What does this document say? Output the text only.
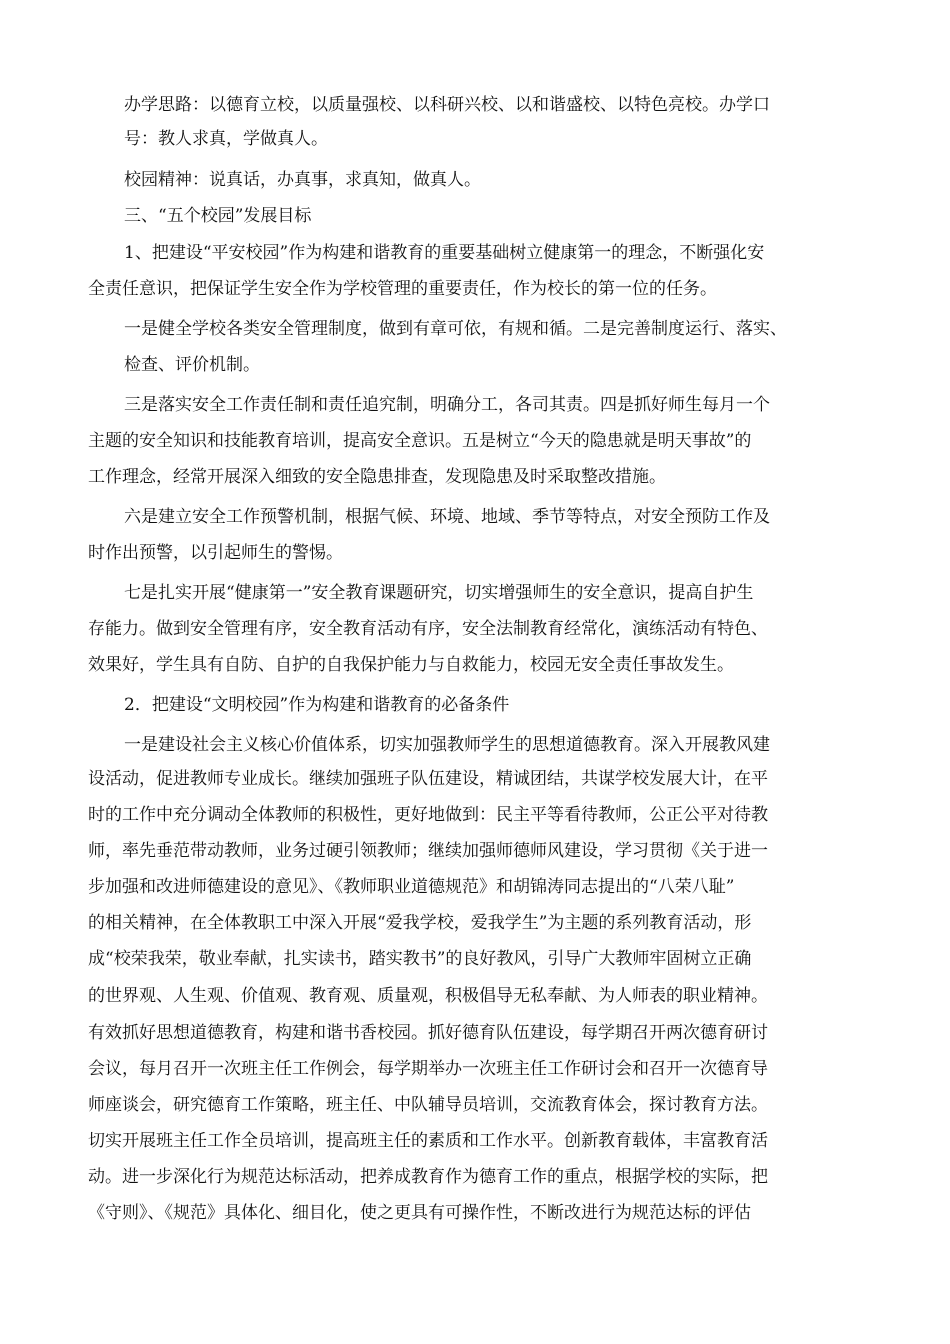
办学思路：以德育立校，以质量强校、以科研兴校、以和谐盛校、以特色亮校。办学口
号：教人求真，学做真人。
校园精神：说真话，办真事，求真知，做真人。
三、“五个校园”发展目标
1、把建设“平安校园”作为构建和谐教育的重要基础树立健康第一的理念，不断强化安
全责任意识，把保证学生安全作为学校管理的重要责任，作为校长的第一位的任务。
一是健全学校各类安全管理制度，做到有章可依，有规和循。二是完善制度运行、落实、
检查、评价机制。
三是落实安全工作责任制和责任追究制，明确分工，各司其责。四是抓好师生每月一个
主题的安全知识和技能教育培训，提高安全意识。五是树立“今天的隐患就是明天事故”的
工作理念，经常开展深入细致的安全隐患排查，发现隐患及时采取整改措施。
六是建立安全工作预警机制，根据气候、环境、地域、季节等特点，对安全预防工作及
时作出预警，以引起师生的警惕。
七是扎实开展“健康第一”安全教育课题研究，切实增强师生的安全意识，提高自护生
存能力。做到安全管理有序，安全教育活动有序，安全法制教育经常化，演练活动有特色、
效果好，学生具有自防、自护的自我保护能力与自救能力，校园无安全责任事故发生。
2．把建设“文明校园”作为构建和谐教育的必备条件
一是建设社会主义核心价值体系，切实加强教师学生的思想道德教育。深入开展教风建
设活动，促进教师专业成长。继续加强班子队伍建设，精诚团结，共谋学校发展大计，在平
时的工作中充分调动全体教师的积极性，更好地做到：民主平等看待教师，公正公平对待教
师，率先垂范带动教师，业务过硬引领教师；继续加强师德师风建设，学习贯彻《关于进一
步加强和改进师德建设的意见》、《教师职业道德规范》和胡锦涛同志提出的“八荣八耻”
的相关精神，在全体教职工中深入开展“爱我学校，爱我学生”为主题的系列教育活动，形
成“校荣我荣，敬业奉献，扎实读书，踏实教书”的良好教风，引导广大教师牢固树立正确
的世界观、人生观、价值观、教育观、质量观，积极倡导无私奉献、为人师表的职业精神。
有效抓好思想道德教育，构建和谐书香校园。抓好德育队伍建设，每学期召开两次德育研讨
会议，每月召开一次班主任工作例会，每学期举办一次班主任工作研讨会和召开一次德育导
师座谈会，研究德育工作策略，班主任、中队辅导员培训，交流教育体会，探讨教育方法。
切实开展班主任工作全员培训，提高班主任的素质和工作水平。创新教育载体，丰富教育活
动。进一步深化行为规范达标活动，把养成教育作为德育工作的重点，根据学校的实际，把
《守则》、《规范》具体化、细目化，使之更具有可操作性，不断改进行为规范达标的评估
